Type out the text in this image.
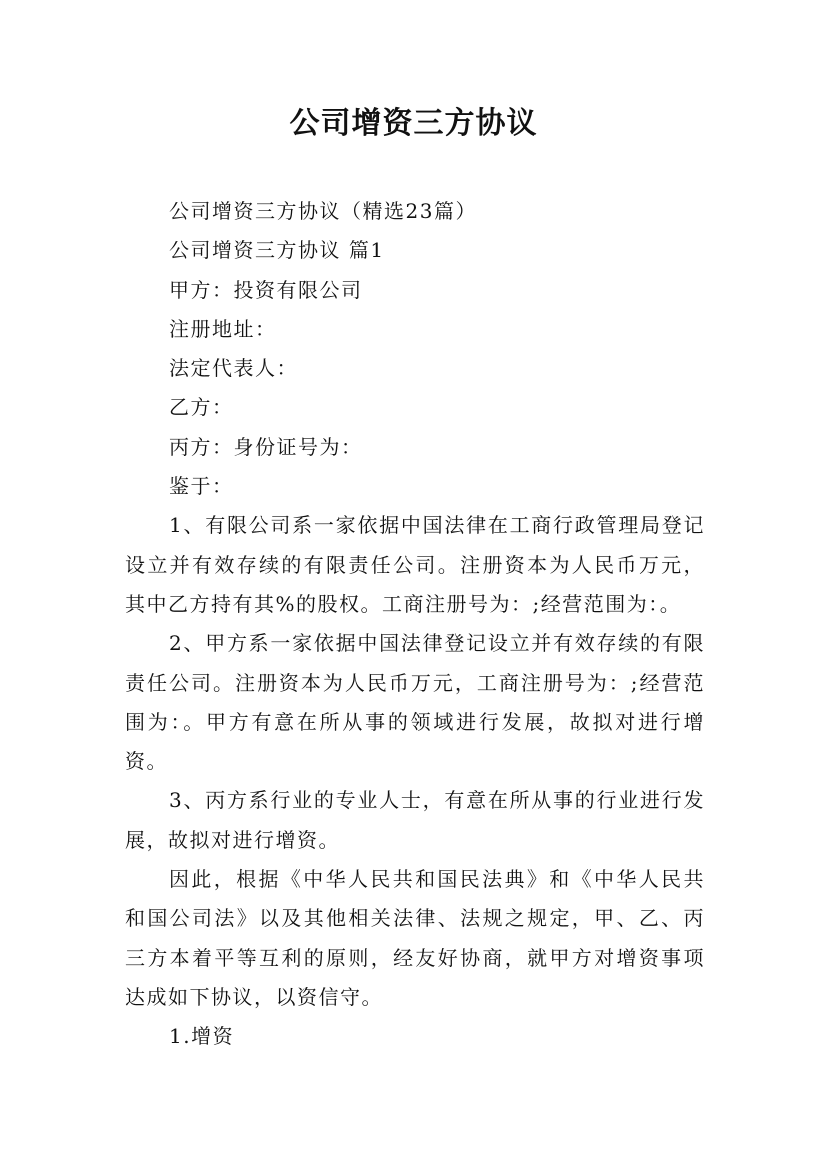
公司增资三方协议

公司增资三方协议（精选23篇）

公司增资三方协议 篇1

甲方：投资有限公司

注册地址：

法定代表人：

乙方：

丙方：身份证号为：

鉴于：

1、有限公司系一家依据中国法律在工商行政管理局登记设立并有效存续的有限责任公司。注册资本为人民币万元，其中乙方持有其%的股权。工商注册号为：;经营范围为：。

2、甲方系一家依据中国法律登记设立并有效存续的有限责任公司。注册资本为人民币万元，工商注册号为：;经营范围为：。甲方有意在所从事的领域进行发展，故拟对进行增资。

3、丙方系行业的专业人士，有意在所从事的行业进行发展，故拟对进行增资。

因此，根据《中华人民共和国民法典》和《中华人民共和国公司法》以及其他相关法律、法规之规定，甲、乙、丙三方本着平等互利的原则，经友好协商，就甲方对增资事项达成如下协议，以资信守。

1.增资
